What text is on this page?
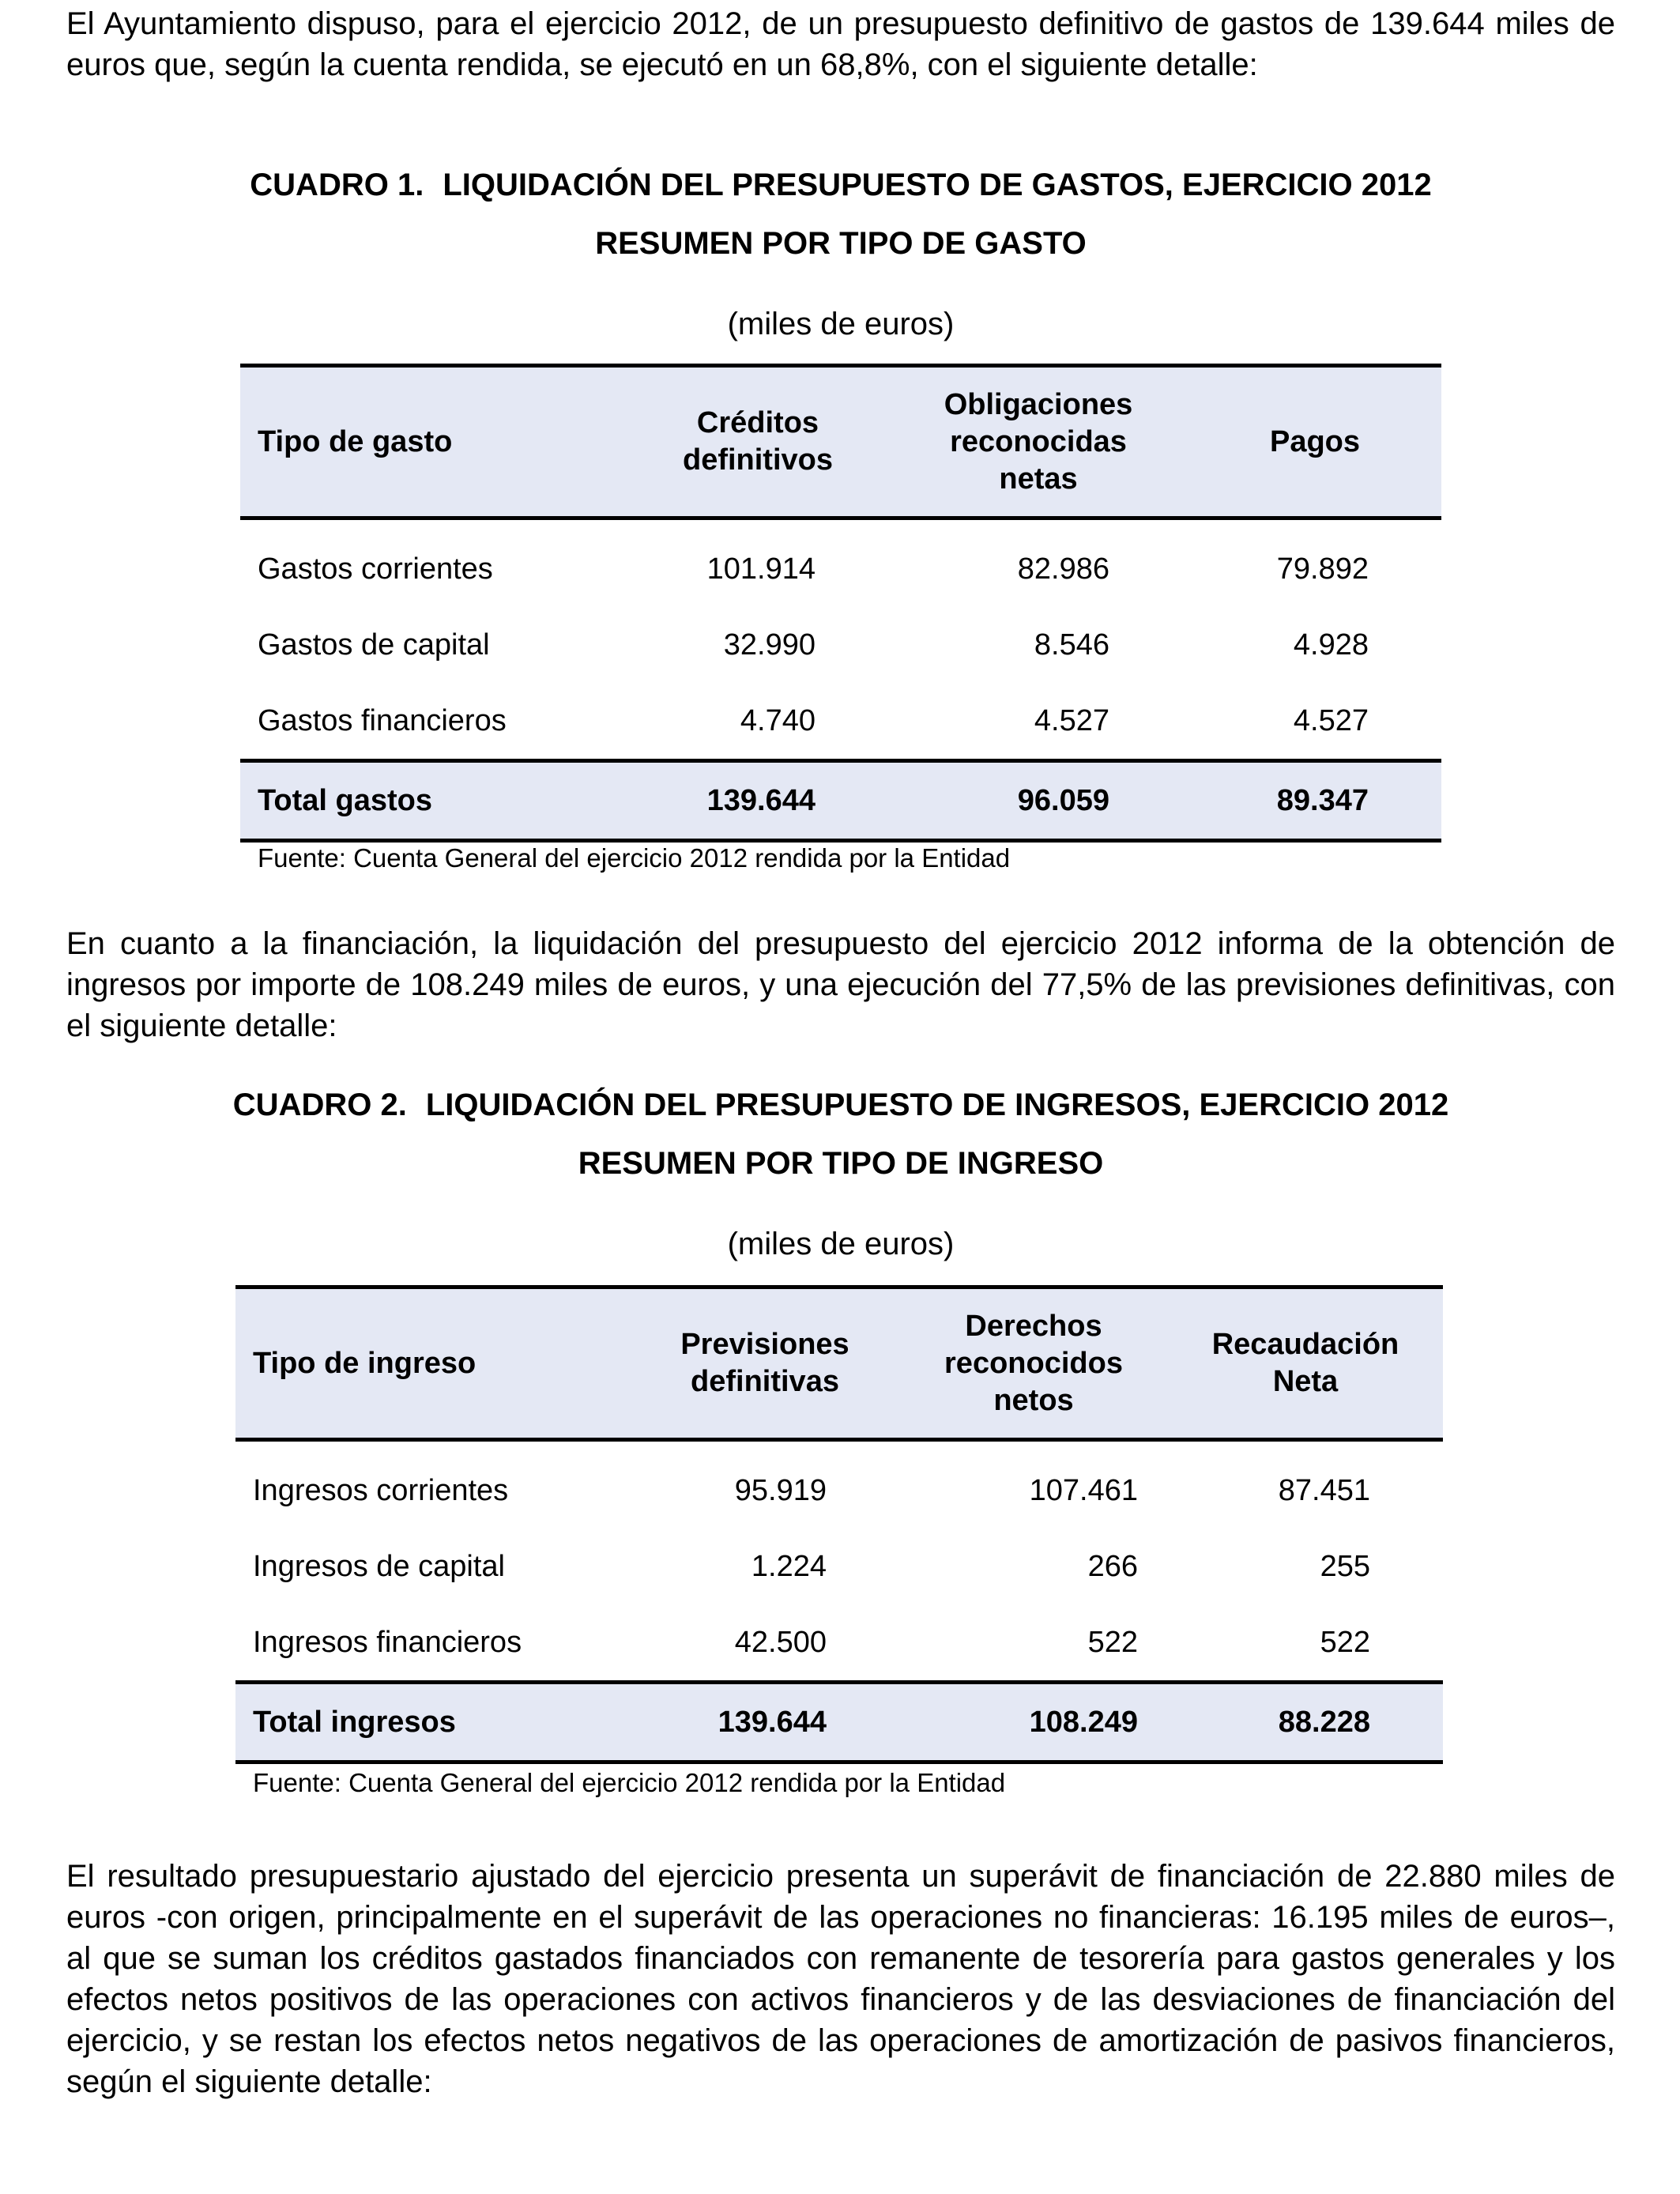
El Ayuntamiento dispuso, para el ejercicio 2012, de un presupuesto definitivo de gastos de 139.644 miles de euros que, según la cuenta rendida, se ejecutó en un 68,8%, con el siguiente detalle:

CUADRO 1. LIQUIDACIÓN DEL PRESUPUESTO DE GASTOS, EJERCICIO 2012

RESUMEN POR TIPO DE GASTO

(miles de euros)

En cuanto a la financiación, la liquidación del presupuesto del ejercicio 2012 informa de la obtención de ingresos por importe de 108.249 miles de euros, y una ejecución del 77,5% de las previsiones definitivas, con el siguiente detalle:

CUADRO 2. LIQUIDACIÓN DEL PRESUPUESTO DE INGRESOS, EJERCICIO 2012

RESUMEN POR TIPO DE INGRESO

(miles de euros)

El resultado presupuestario ajustado del ejercicio presenta un superávit de financiación de 22.880 miles de euros -con origen, principalmente en el superávit de las operaciones no financieras: 16.195 miles de euros–, al que se suman los créditos gastados financiados con remanente de tesorería para gastos generales y los efectos netos positivos de las operaciones con activos financieros y de las desviaciones de financiación del ejercicio, y se restan los efectos netos negativos de las operaciones de amortización de pasivos financieros, según el siguiente detalle:

Tipo de gasto	Créditos definitivos	Obligaciones reconocidas netas	Pagos
Gastos corrientes	101.914	82.986	79.892
Gastos de capital	32.990	8.546	4.928
Gastos financieros	4.740	4.527	4.527
Total gastos	139.644	96.059	89.347

Fuente: Cuenta General del ejercicio 2012 rendida por la Entidad

Tipo de ingreso	Previsiones definitivas	Derechos reconocidos netos	Recaudación Neta
Ingresos corrientes	95.919	107.461	87.451
Ingresos de capital	1.224	266	255
Ingresos financieros	42.500	522	522
Total ingresos	139.644	108.249	88.228

Fuente: Cuenta General del ejercicio 2012 rendida por la Entidad
